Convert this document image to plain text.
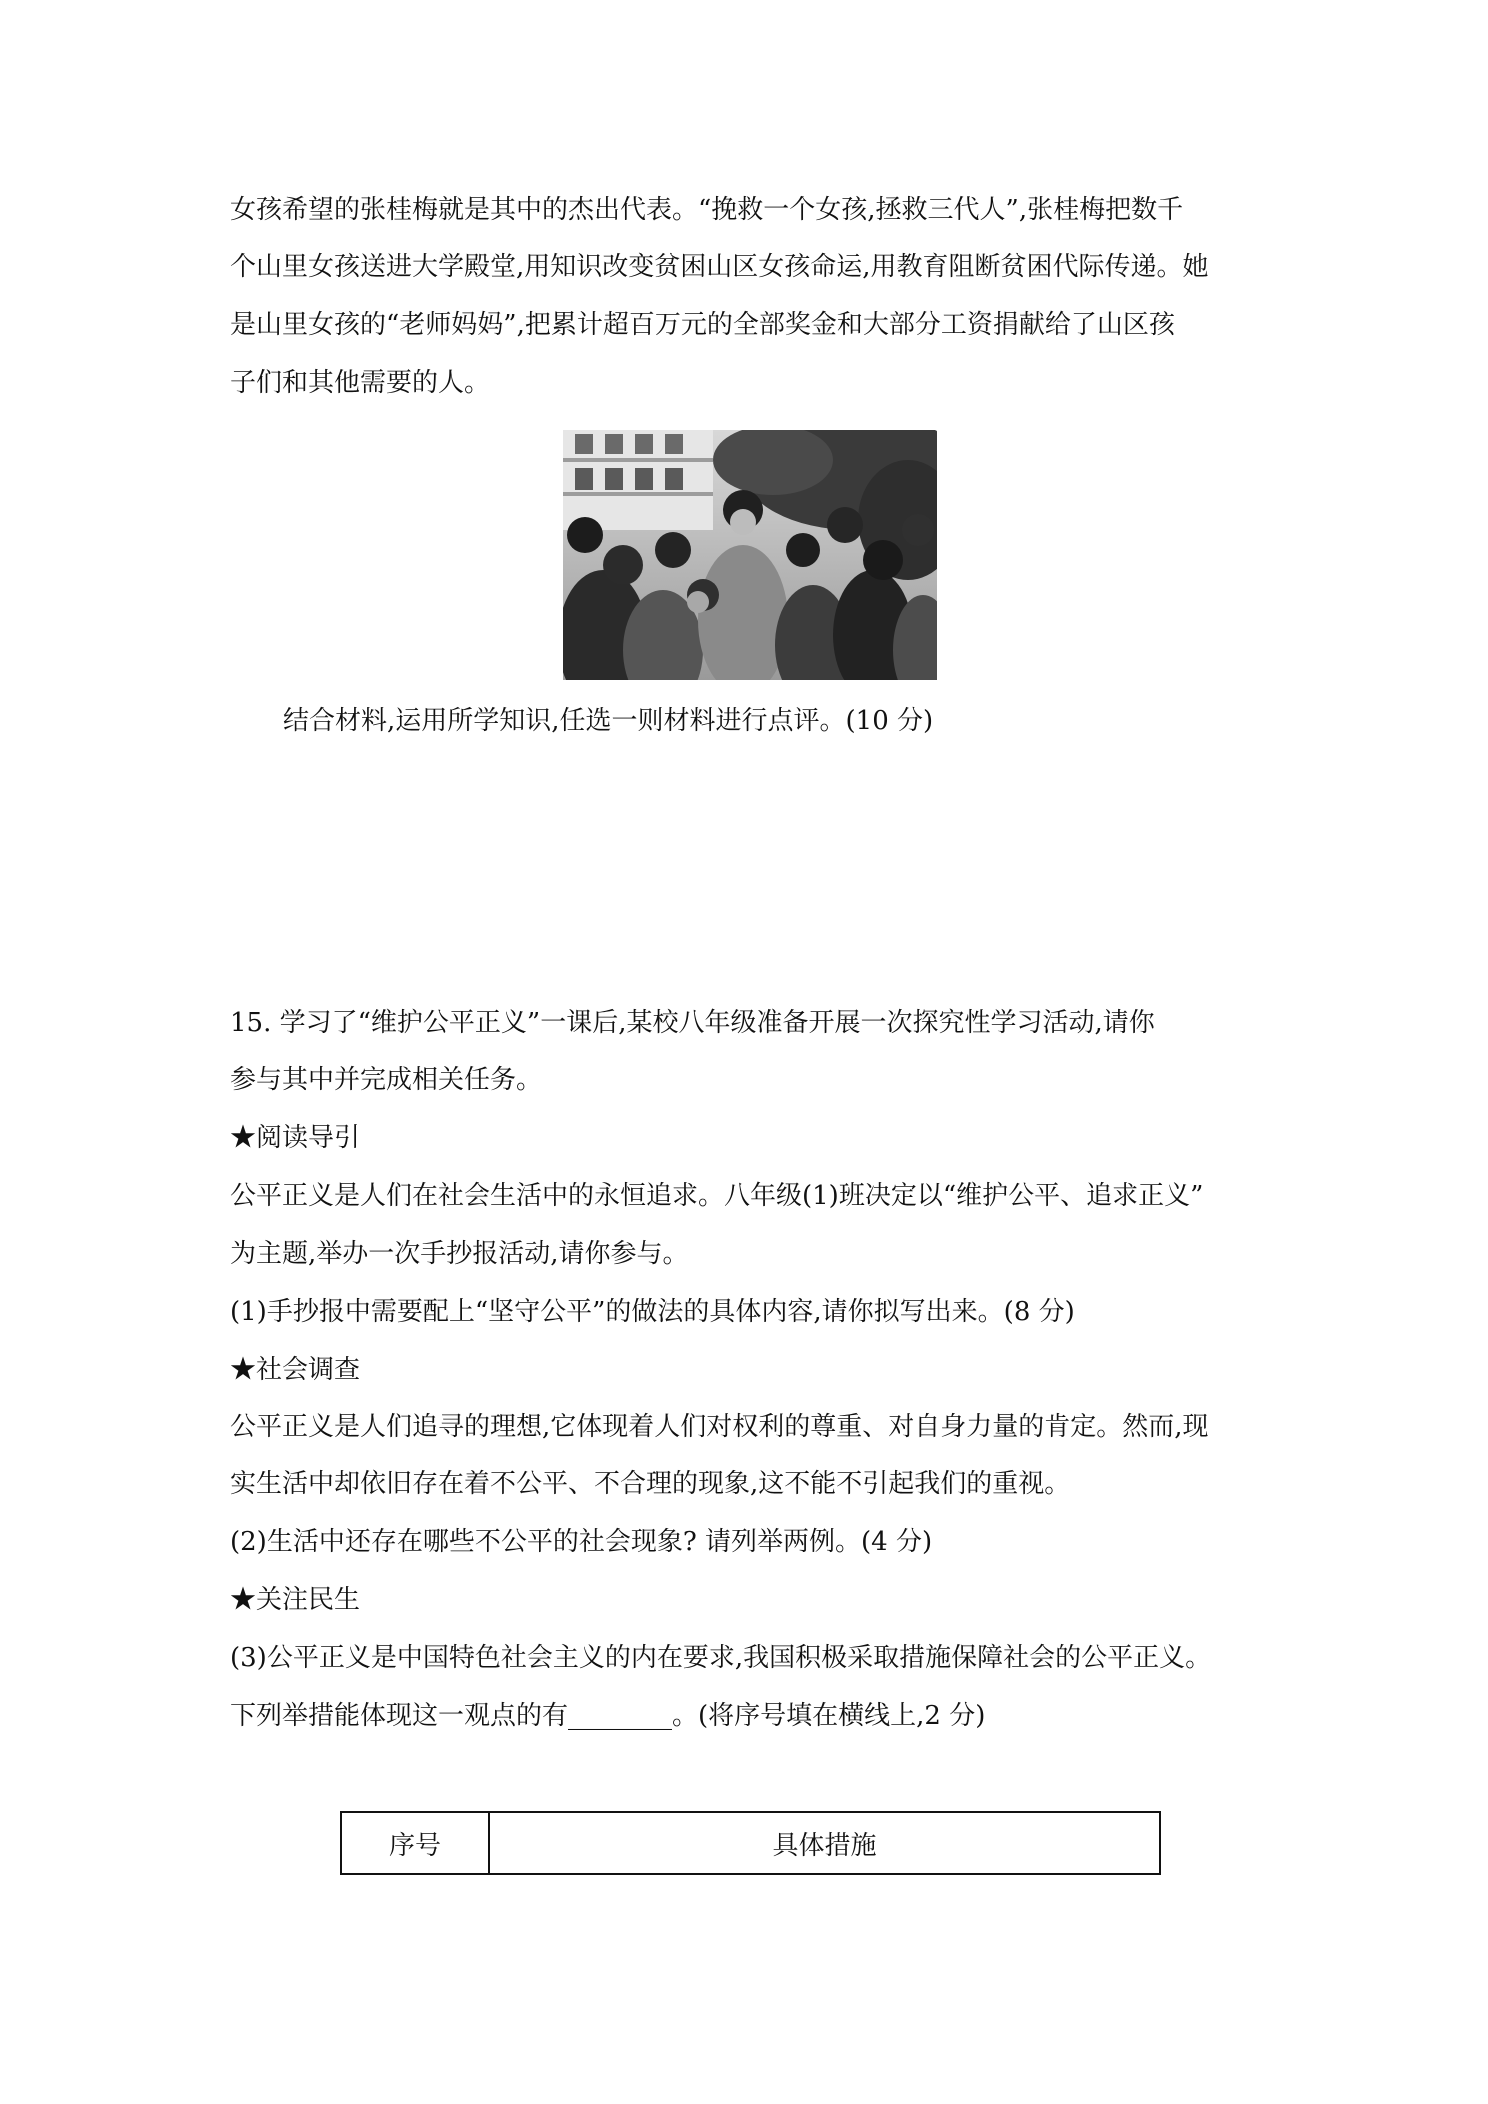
女孩希望的张桂梅就是其中的杰出代表。“挽救一个女孩,拯救三代人”,张桂梅把数千
个山里女孩送进大学殿堂,用知识改变贫困山区女孩命运,用教育阻断贫困代际传递。她
是山里女孩的“老师妈妈”,把累计超百万元的全部奖金和大部分工资捐献给了山区孩
子们和其他需要的人。
结合材料,运用所学知识,任选一则材料进行点评。(10 分)
15. 学习了“维护公平正义”一课后,某校八年级准备开展一次探究性学习活动,请你
参与其中并完成相关任务。
★阅读导引
公平正义是人们在社会生活中的永恒追求。八年级(1)班决定以“维护公平、追求正义”
为主题,举办一次手抄报活动,请你参与。
(1)手抄报中需要配上“坚守公平”的做法的具体内容,请你拟写出来。(8 分)
★社会调查
公平正义是人们追寻的理想,它体现着人们对权利的尊重、对自身力量的肯定。然而,现
实生活中却依旧存在着不公平、不合理的现象,这不能不引起我们的重视。
(2)生活中还存在哪些不公平的社会现象? 请列举两例。(4 分)
★关注民生
(3)公平正义是中国特色社会主义的内在要求,我国积极采取措施保障社会的公平正义。
下列举措能体现这一观点的有________。(将序号填在横线上,2 分)
序号	具体措施
